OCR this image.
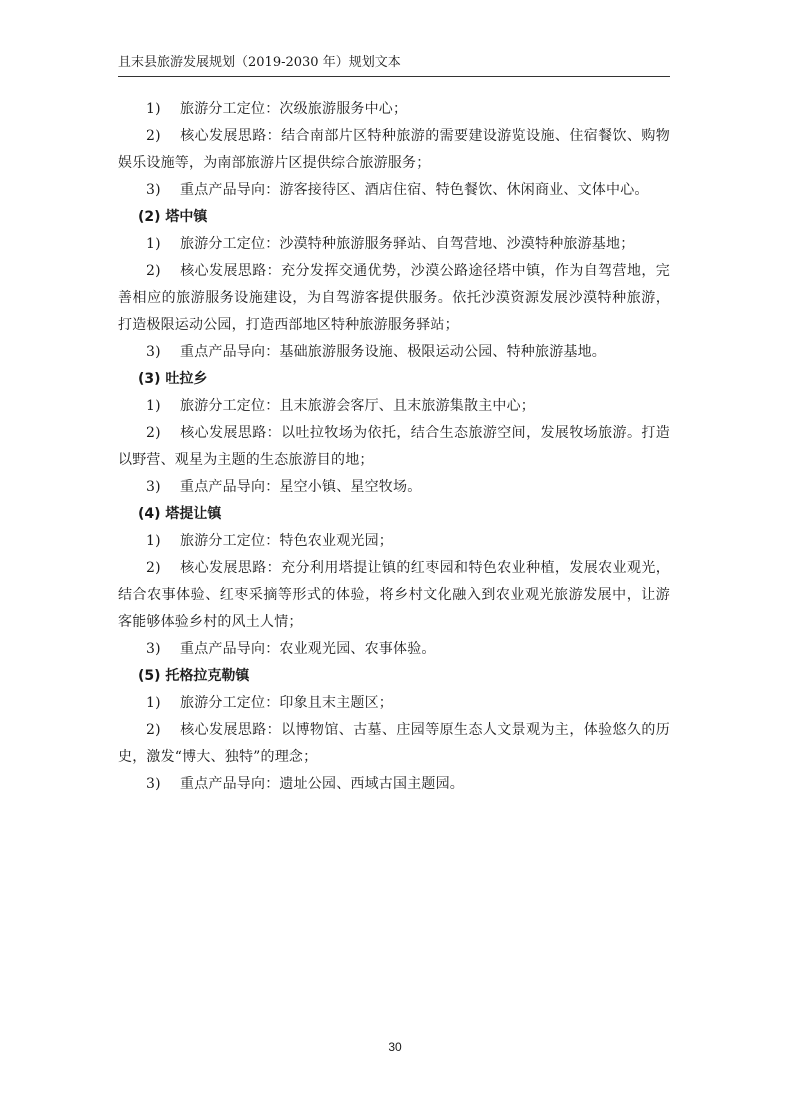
且末县旅游发展规划（2019-2030 年）规划文本

1) 旅游分工定位：次级旅游服务中心；

2) 核心发展思路：结合南部片区特种旅游的需要建设游览设施、住宿餐饮、购物娱乐设施等，为南部旅游片区提供综合旅游服务；

3) 重点产品导向：游客接待区、酒店住宿、特色餐饮、休闲商业、文体中心。

(2) 塔中镇

1) 旅游分工定位：沙漠特种旅游服务驿站、自驾营地、沙漠特种旅游基地；

2) 核心发展思路：充分发挥交通优势，沙漠公路途径塔中镇，作为自驾营地，完善相应的旅游服务设施建设，为自驾游客提供服务。依托沙漠资源发展沙漠特种旅游，打造极限运动公园，打造西部地区特种旅游服务驿站；

3) 重点产品导向：基础旅游服务设施、极限运动公园、特种旅游基地。

(3) 吐拉乡

1) 旅游分工定位：且末旅游会客厅、且末旅游集散主中心；

2) 核心发展思路：以吐拉牧场为依托，结合生态旅游空间，发展牧场旅游。打造以野营、观星为主题的生态旅游目的地；

3) 重点产品导向：星空小镇、星空牧场。

(4) 塔提让镇

1) 旅游分工定位：特色农业观光园；

2) 核心发展思路：充分利用塔提让镇的红枣园和特色农业种植，发展农业观光，结合农事体验、红枣采摘等形式的体验，将乡村文化融入到农业观光旅游发展中，让游客能够体验乡村的风土人情；

3) 重点产品导向：农业观光园、农事体验。

(5) 托格拉克勒镇

1) 旅游分工定位：印象且末主题区；

2) 核心发展思路：以博物馆、古墓、庄园等原生态人文景观为主，体验悠久的历史，激发“博大、独特”的理念；

3) 重点产品导向：遗址公园、西域古国主题园。

30
